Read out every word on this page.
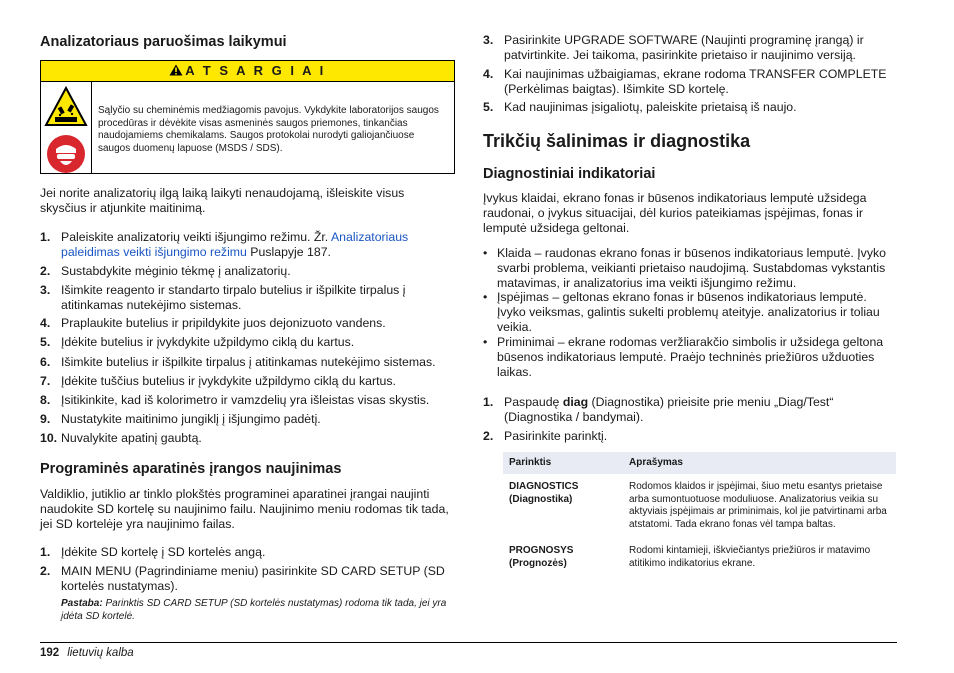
Analizatoriaus paruošimas laikymui
A T S A R G I A I

Sąlyčio su cheminėmis medžiagomis pavojus. Vykdykite laboratorijos saugos procedūras ir dėvėkite visas asmeninės saugos priemones, tinkančias naudojamiems chemikalams. Saugos protokolai nurodyti galiojančiuose saugos duomenų lapuose (MSDS / SDS).

Jei norite analizatorių ilgą laiką laikyti nenaudojamą, išleiskite visus skysčius ir atjunkite maitinimą.

1. Paleiskite analizatorių veikti išjungimo režimu. Žr. Analizatoriaus paleidimas veikti išjungimo režimu Puslapyje 187.
2. Sustabdykite mėginio tėkmę į analizatorių.
3. Išimkite reagento ir standarto tirpalo butelius ir išpilkite tirpalus į atitinkamas nutekėjimo sistemas.
4. Praplaukite butelius ir pripildykite juos dejonizuoto vandens.
5. Įdėkite butelius ir įvykdykite užpildymo ciklą du kartus.
6. Išimkite butelius ir išpilkite tirpalus į atitinkamas nutekėjimo sistemas.
7. Įdėkite tuščius butelius ir įvykdykite užpildymo ciklą du kartus.
8. Įsitikinkite, kad iš kolorimetro ir vamzdelių yra išleistas visas skystis.
9. Nustatykite maitinimo jungiklį į išjungimo padėtį.
10. Nuvalykite apatinį gaubtą.
Programinės aparatinės įrangos naujinimas

Valdiklio, jutiklio ar tinklo plokštės programinei aparatinei įrangai naujinti naudokite SD kortelę su naujinimo failu. Naujinimo meniu rodomas tik tada, jei SD kortelėje yra naujinimo failas.

1. Įdėkite SD kortelę į SD kortelės angą.
2. MAIN MENU (Pagrindiniame meniu) pasirinkite SD CARD SETUP (SD kortelės nustatymas).

Pastaba: Parinktis SD CARD SETUP (SD kortelės nustatymas) rodoma tik tada, jei yra įdėta SD kortelė.

3. Pasirinkite UPGRADE SOFTWARE (Naujinti programinę įrangą) ir patvirtinkite. Jei taikoma, pasirinkite prietaiso ir naujinimo versiją.
4. Kai naujinimas užbaigiamas, ekrane rodoma TRANSFER COMPLETE (Perkėlimas baigtas). Išimkite SD kortelę.
5. Kad naujinimas įsigaliotų, paleiskite prietaisą iš naujo.
Trikčių šalinimas ir diagnostika
Diagnostiniai indikatoriai

Įvykus klaidai, ekrano fonas ir būsenos indikatoriaus lemputė užsidega raudonai, o įvykus situacijai, dėl kurios pateikiamas įspėjimas, fonas ir lemputė užsidega geltonai.

• Klaida – raudonas ekrano fonas ir būsenos indikatoriaus lemputė. Įvyko svarbi problema, veikianti prietaiso naudojimą. Sustabdomas vykstantis matavimas, ir analizatorius ima veikti išjungimo režimu.
• Įspėjimas – geltonas ekrano fonas ir būsenos indikatoriaus lemputė. Įvyko veiksmas, galintis sukelti problemų ateityje. analizatorius ir toliau veikia.
• Priminimai – ekrane rodomas veržliarakčio simbolis ir užsidega geltona būsenos indikatoriaus lemputė. Praėjo techninės priežiūros užduoties laikas.
1. Paspaudę diag (Diagnostika) prieisite prie meniu „Diag/Test“ (Diagnostika / bandymai).
2. Pasirinkite parinktį.
Parinktis	Aprašymas
DIAGNOSTICS (Diagnostika)	Rodomos klaidos ir įspėjimai, šiuo metu esantys prietaise arba sumontuotuose moduliuose. Analizatorius veikia su aktyviais įspėjimais ar priminimais, kol jie patvirtinami arba atstatomi. Tada ekrano fonas vėl tampa baltas.
PROGNOSYS (Prognozės)	Rodomi kintamieji, iškviečiantys priežiūros ir matavimo atitikimo indikatorius ekrane.
192 lietuvių kalba
